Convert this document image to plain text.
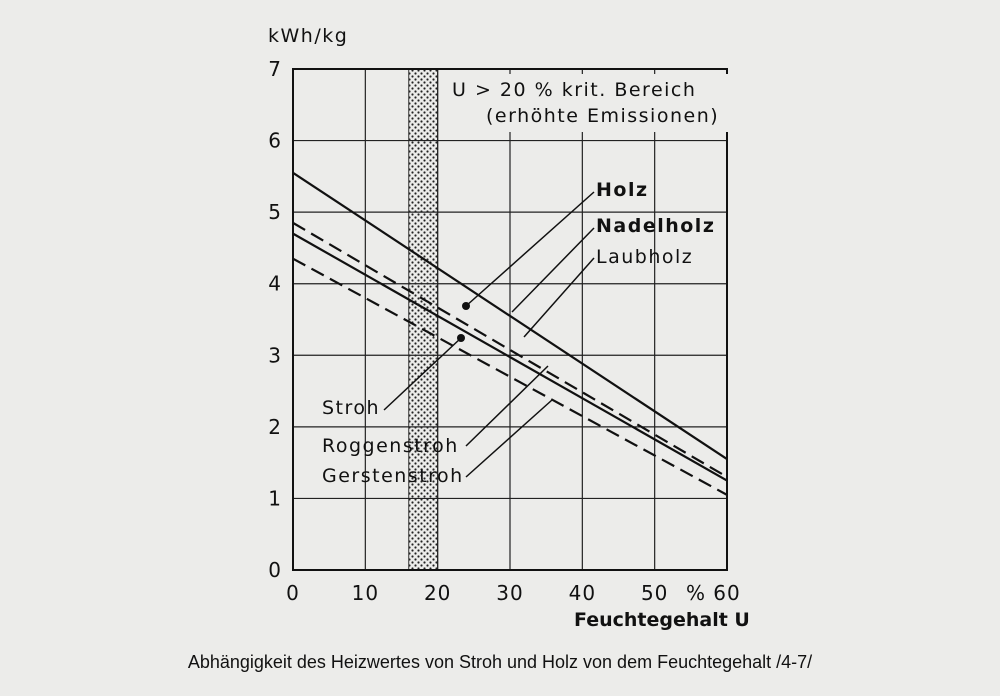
0	10 20 30 40 50 60
0
1
2
3
4
5
6
7
kWh/kg
Feuchtegehalt U
%
U > 20 % krit. Bereich
(erhöhte Emissionen)
Holz
Nadelholz
Laubholz
Stroh
Roggenstroh
Gerstenstroh
Abhängigkeit des Heizwertes von Stroh und Holz von dem Feuchtegehalt /4-7/
